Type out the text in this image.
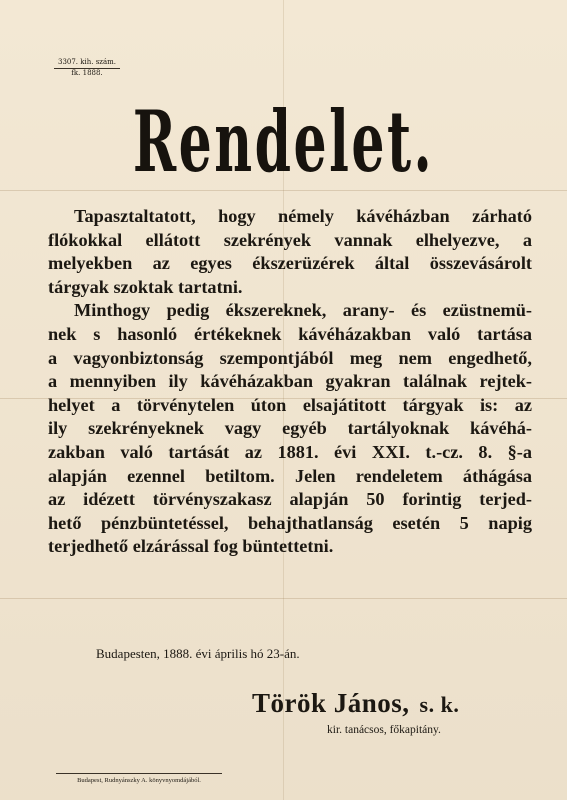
3307. kih. szám.
fk. 1888.
Rendelet.
Tapasztaltatott, hogy némely kávéházban zárható
flókokkal ellátott szekrények vannak elhelyezve, a
melyekben az egyes ékszerüzérek által összevásárolt
tárgyak szoktak tartatni.
Minthogy pedig ékszereknek, arany- és ezüstnemü-
nek s hasonló értékeknek kávéházakban való tartása
a vagyonbiztonság szempontjából meg nem engedhető,
a mennyiben ily kávéházakban gyakran találnak rejtek-
helyet a törvénytelen úton elsajátitott tárgyak is: az
ily szekrényeknek vagy egyéb tartályoknak kávéhá-
zakban való tartását az 1881. évi XXI. t.-cz. 8. §-a
alapján ezennel betiltom. Jelen rendeletem áthágása
az idézett törvényszakasz alapján 50 forintig terjed-
hető pénzbüntetéssel, behajthatlanság esetén 5 napig
terjedhető elzárással fog büntettetni.
Budapesten, 1888. évi április hó 23-án.
Török János, s. k.
kir. tanácsos, főkapitány.
Budapest, Rudnyánszky A. könyvnyomdájából.
